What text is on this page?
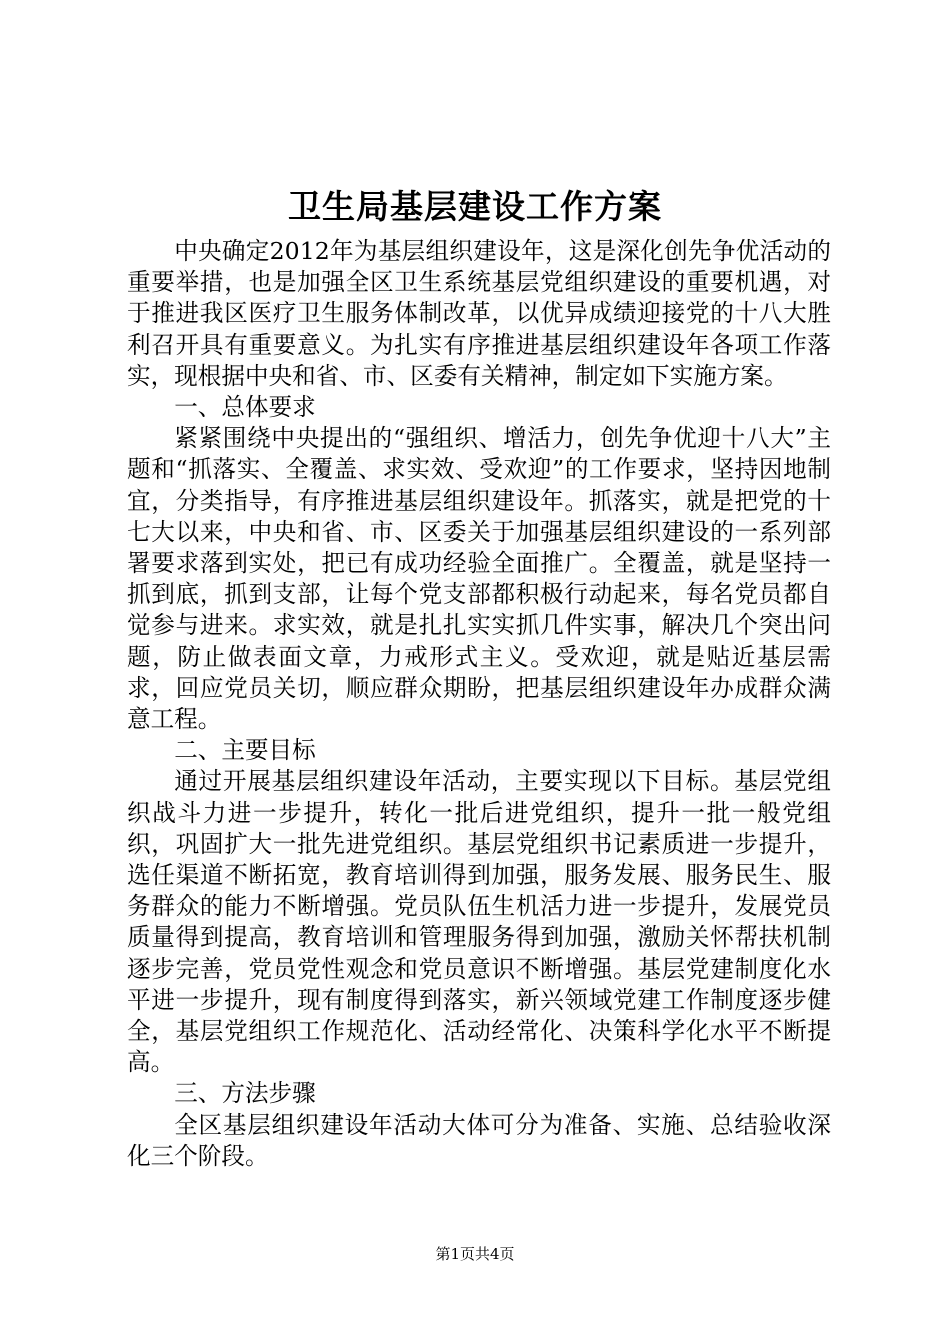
卫生局基层建设工作方案

中央确定2012年为基层组织建设年，这是深化创先争优活动的重要举措，也是加强全区卫生系统基层党组织建设的重要机遇，对于推进我区医疗卫生服务体制改革，以优异成绩迎接党的十八大胜利召开具有重要意义。为扎实有序推进基层组织建设年各项工作落实，现根据中央和省、市、区委有关精神，制定如下实施方案。

一、总体要求

紧紧围绕中央提出的“强组织、增活力，创先争优迎十八大”主题和“抓落实、全覆盖、求实效、受欢迎”的工作要求，坚持因地制宜，分类指导，有序推进基层组织建设年。抓落实，就是把党的十七大以来，中央和省、市、区委关于加强基层组织建设的一系列部署要求落到实处，把已有成功经验全面推广。全覆盖，就是坚持一抓到底，抓到支部，让每个党支部都积极行动起来，每名党员都自觉参与进来。求实效，就是扎扎实实抓几件实事，解决几个突出问题，防止做表面文章，力戒形式主义。受欢迎，就是贴近基层需求，回应党员关切，顺应群众期盼，把基层组织建设年办成群众满意工程。

二、主要目标

通过开展基层组织建设年活动，主要实现以下目标。基层党组织战斗力进一步提升，转化一批后进党组织，提升一批一般党组织，巩固扩大一批先进党组织。基层党组织书记素质进一步提升，选任渠道不断拓宽，教育培训得到加强，服务发展、服务民生、服务群众的能力不断增强。党员队伍生机活力进一步提升，发展党员质量得到提高，教育培训和管理服务得到加强，激励关怀帮扶机制逐步完善，党员党性观念和党员意识不断增强。基层党建制度化水平进一步提升，现有制度得到落实，新兴领域党建工作制度逐步健全，基层党组织工作规范化、活动经常化、决策科学化水平不断提高。

三、方法步骤

全区基层组织建设年活动大体可分为准备、实施、总结验收深化三个阶段。

第1页共4页
